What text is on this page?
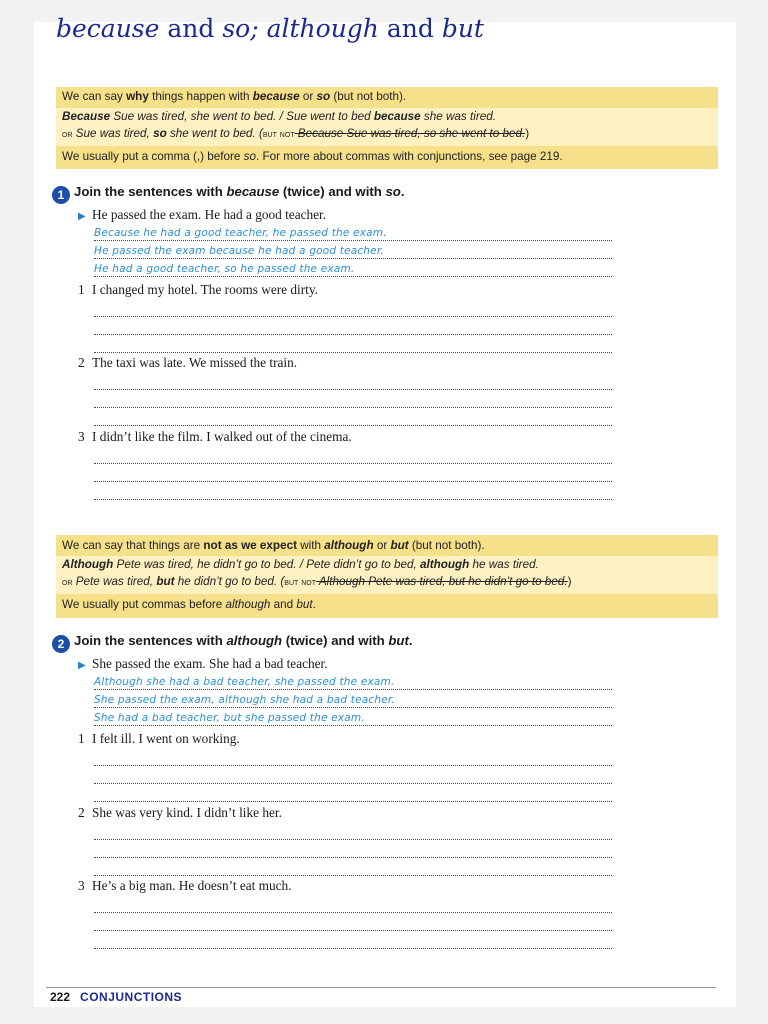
because and so; although and but
We can say why things happen with because or so (but not both).
Because Sue was tired, she went to bed. / Sue went to bed because she was tired.
or Sue was tired, so she went to bed. (but not Because Sue was tired, so she went to bed.)
We usually put a comma (,) before so. For more about commas with conjunctions, see page 219.
1 Join the sentences with because (twice) and with so.
▶ He passed the exam. He had a good teacher.
Because he had a good teacher, he passed the exam.
He passed the exam because he had a good teacher.
He had a good teacher, so he passed the exam.
1 I changed my hotel. The rooms were dirty.
2 The taxi was late. We missed the train.
3 I didn’t like the film. I walked out of the cinema.
We can say that things are not as we expect with although or but (but not both).
Although Pete was tired, he didn’t go to bed. / Pete didn’t go to bed, although he was tired.
or Pete was tired, but he didn’t go to bed. (but not Although Pete was tired, but he didn’t go to bed.)
We usually put commas before although and but.
2 Join the sentences with although (twice) and with but.
▶ She passed the exam. She had a bad teacher.
Although she had a bad teacher, she passed the exam.
She passed the exam, although she had a bad teacher.
She had a bad teacher, but she passed the exam.
1 I felt ill. I went on working.
2 She was very kind. I didn’t like her.
3 He’s a big man. He doesn’t eat much.
222 CONJUNCTIONS
